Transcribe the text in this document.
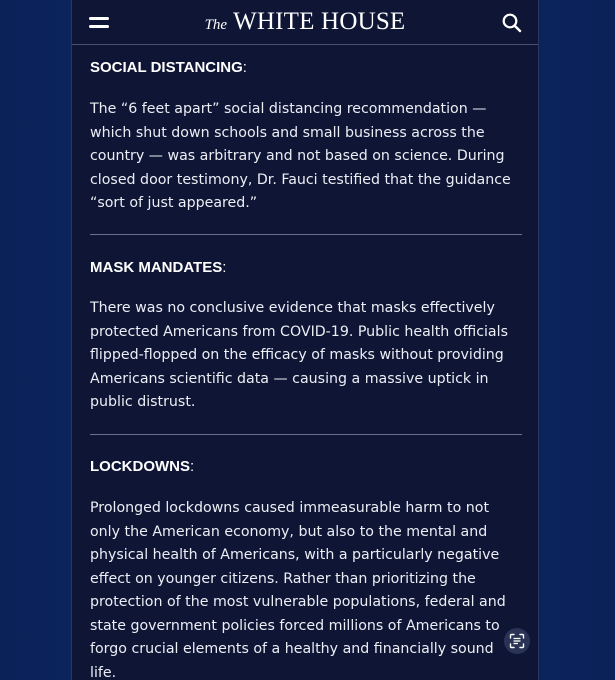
The WHITE HOUSE
SOCIAL DISTANCING:

The “6 feet apart” social distancing recommendation — which shut down schools and small business across the country — was arbitrary and not based on science. During closed door testimony, Dr. Fauci testified that the guidance “sort of just appeared.”

MASK MANDATES:

There was no conclusive evidence that masks effectively protected Americans from COVID-19. Public health officials flipped-flopped on the efficacy of masks without providing Americans scientific data — causing a massive uptick in public distrust.

LOCKDOWNS:

Prolonged lockdowns caused immeasurable harm to not only the American economy, but also to the mental and physical health of Americans, with a particularly negative effect on younger citizens. Rather than prioritizing the protection of the most vulnerable populations, federal and state government policies forced millions of Americans to forgo crucial elements of a healthy and financially sound life.
